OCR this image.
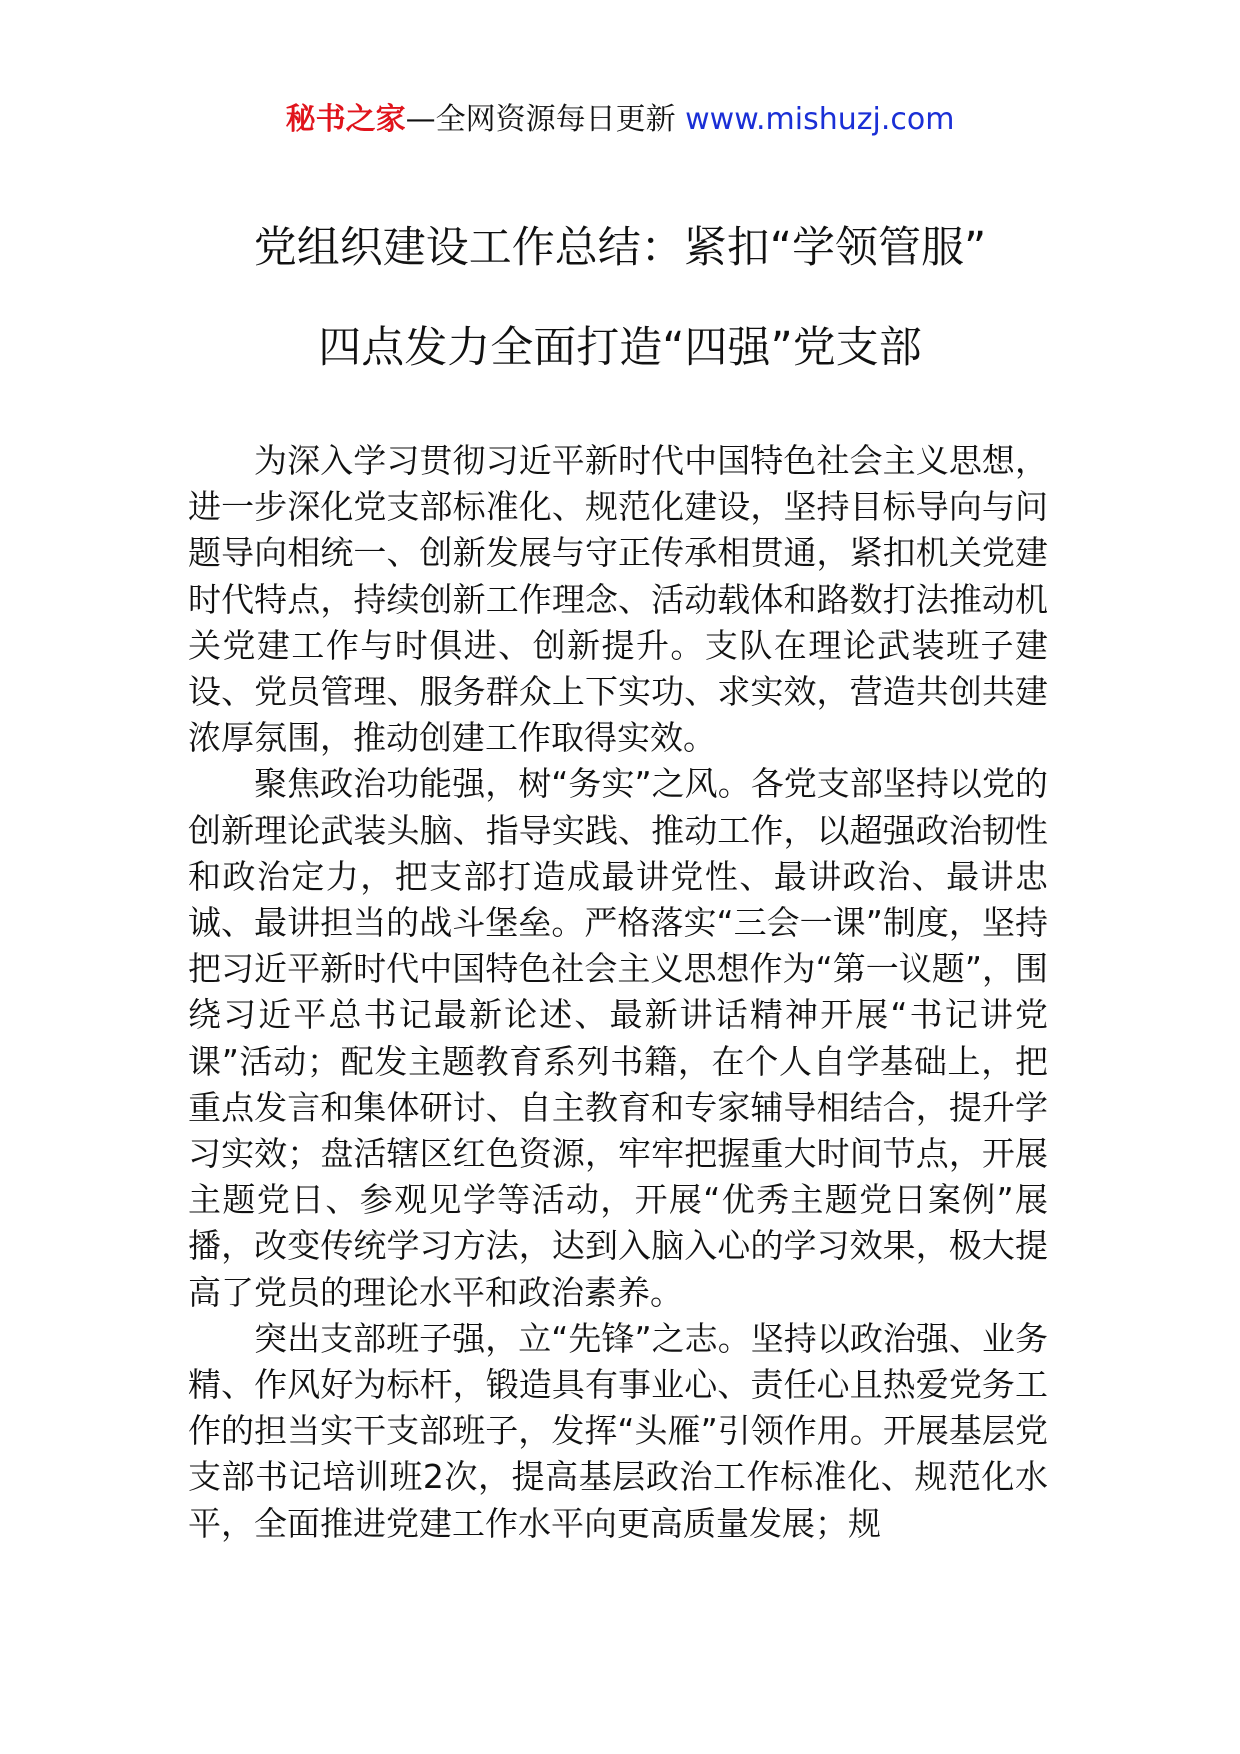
秘书之家—全网资源每日更新 www.mishuzj.com
党组织建设工作总结：紧扣“学领管服”
四点发力全面打造“四强”党支部

为深入学习贯彻习近平新时代中国特色社会主义思想，进一步深化党支部标准化、规范化建设，坚持目标导向与问题导向相统一、创新发展与守正传承相贯通，紧扣机关党建时代特点，持续创新工作理念、活动载体和路数打法推动机关党建工作与时俱进、创新提升。支队在理论武装班子建设、党员管理、服务群众上下实功、求实效，营造共创共建浓厚氛围，推动创建工作取得实效。

聚焦政治功能强，树“务实”之风。各党支部坚持以党的创新理论武装头脑、指导实践、推动工作，以超强政治韧性和政治定力，把支部打造成最讲党性、最讲政治、最讲忠诚、最讲担当的战斗堡垒。严格落实“三会一课”制度，坚持把习近平新时代中国特色社会主义思想作为“第一议题”，围绕习近平总书记最新论述、最新讲话精神开展“书记讲党课”活动；配发主题教育系列书籍，在个人自学基础上，把重点发言和集体研讨、自主教育和专家辅导相结合，提升学习实效；盘活辖区红色资源，牢牢把握重大时间节点，开展主题党日、参观见学等活动，开展“优秀主题党日案例”展播，改变传统学习方法，达到入脑入心的学习效果，极大提高了党员的理论水平和政治素养。

突出支部班子强，立“先锋”之志。坚持以政治强、业务精、作风好为标杆，锻造具有事业心、责任心且热爱党务工作的担当实干支部班子，发挥“头雁”引领作用。开展基层党支部书记培训班2次，提高基层政治工作标准化、规范化水平，全面推进党建工作水平向更高质量发展；规
